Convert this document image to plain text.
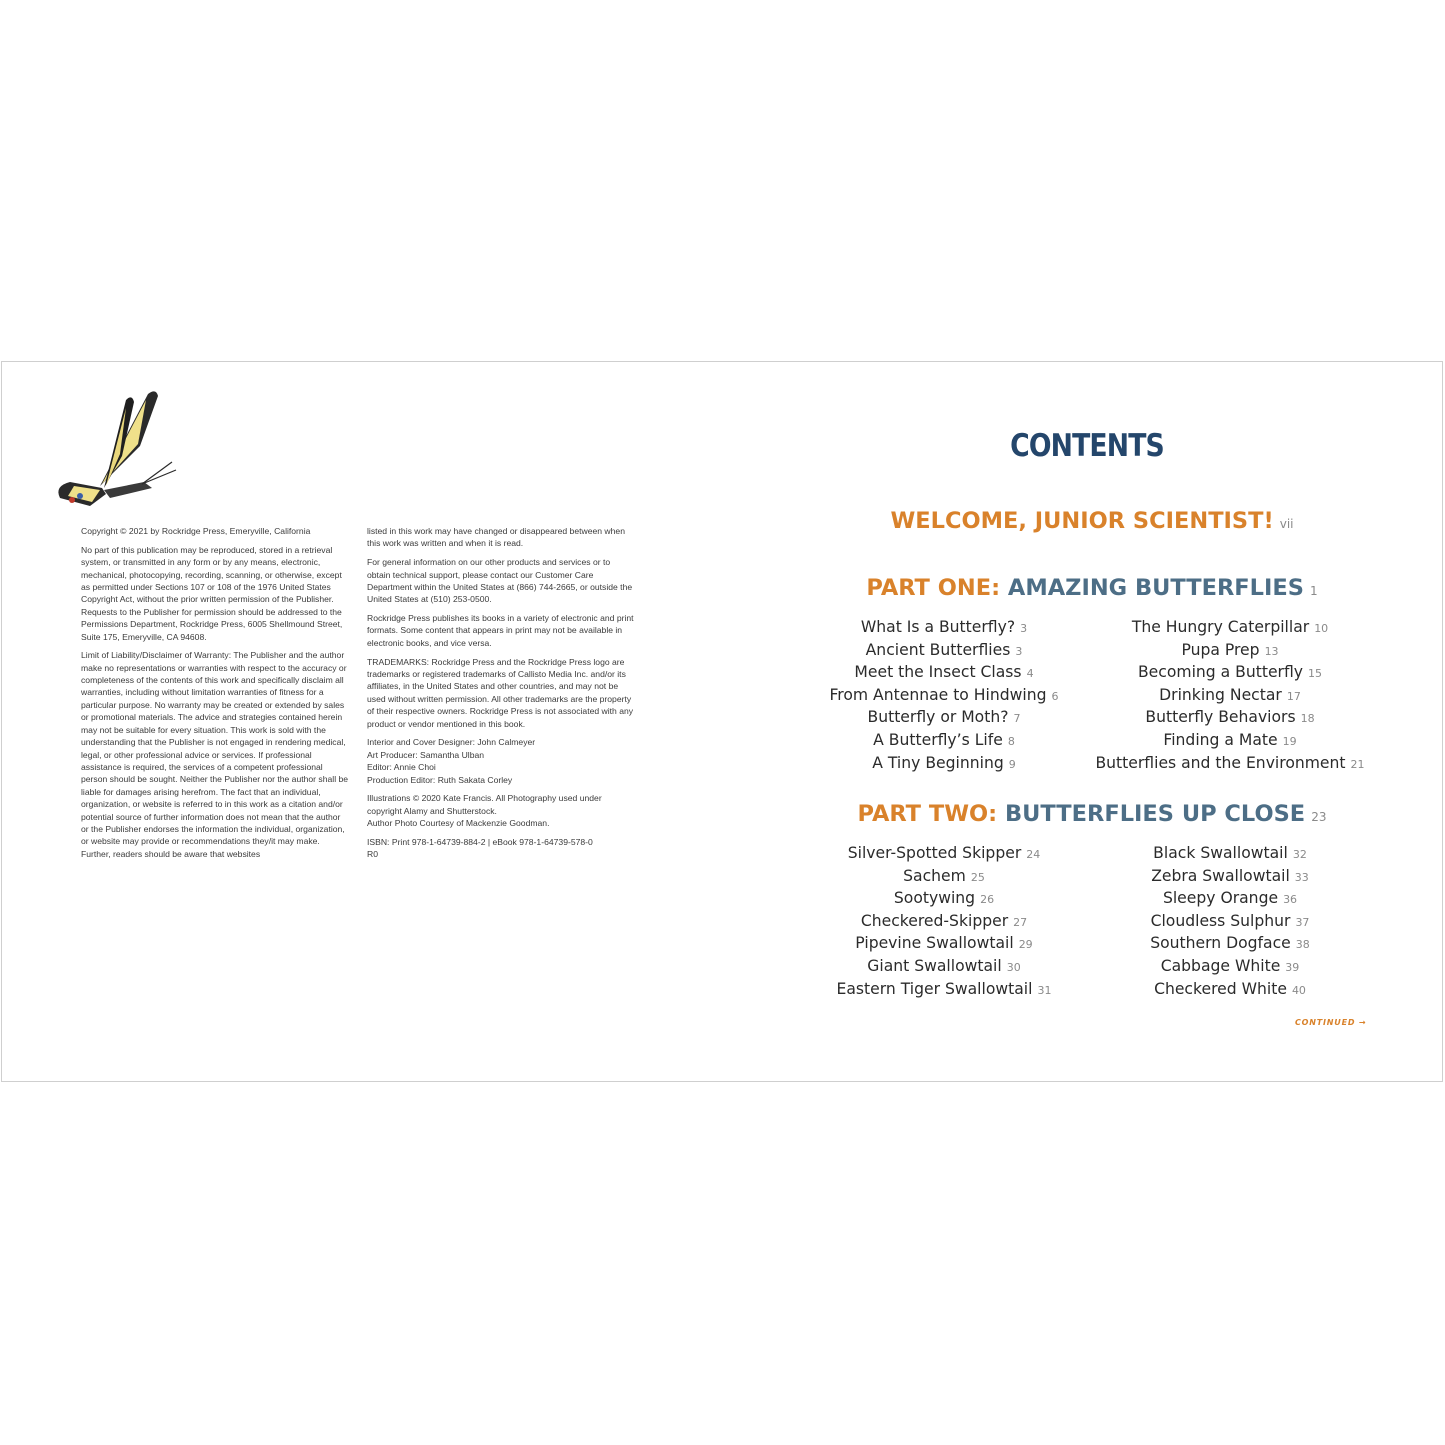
Copyright © 2021 by Rockridge Press, Emeryville, California

No part of this publication may be reproduced, stored in a retrieval system, or transmitted in any form or by any means, electronic, mechanical, photocopying, recording, scanning, or otherwise, except as permitted under Sections 107 or 108 of the 1976 United States Copyright Act, without the prior written permission of the Publisher. Requests to the Publisher for permission should be addressed to the Permissions Department, Rockridge Press, 6005 Shellmound Street, Suite 175, Emeryville, CA 94608.

Limit of Liability/Disclaimer of Warranty: The Publisher and the author make no representations or warranties with respect to the accuracy or completeness of the contents of this work and specifically disclaim all warranties, including without limitation warranties of fitness for a particular purpose. No warranty may be created or extended by sales or promotional materials. The advice and strategies contained herein may not be suitable for every situation. This work is sold with the understanding that the Publisher is not engaged in rendering medical, legal, or other professional advice or services. If professional assistance is required, the services of a competent professional person should be sought. Neither the Publisher nor the author shall be liable for damages arising herefrom. The fact that an individual, organization, or website is referred to in this work as a citation and/or potential source of further information does not mean that the author or the Publisher endorses the information the individual, organization, or website may provide or recommendations they/it may make. Further, readers should be aware that websites

listed in this work may have changed or disappeared between when this work was written and when it is read.

For general information on our other products and services or to obtain technical support, please contact our Customer Care Department within the United States at (866) 744-2665, or outside the United States at (510) 253-0500.

Rockridge Press publishes its books in a variety of electronic and print formats. Some content that appears in print may not be available in electronic books, and vice versa.

TRADEMARKS: Rockridge Press and the Rockridge Press logo are trademarks or registered trademarks of Callisto Media Inc. and/or its affiliates, in the United States and other countries, and may not be used without written permission. All other trademarks are the property of their respective owners. Rockridge Press is not associated with any product or vendor mentioned in this book.

Interior and Cover Designer: John Calmeyer
Art Producer: Samantha Ulban
Editor: Annie Choi
Production Editor: Ruth Sakata Corley

Illustrations © 2020 Kate Francis. All Photography used under copyright Alamy and Shutterstock.
Author Photo Courtesy of Mackenzie Goodman.

ISBN: Print 978-1-64739-884-2 | eBook 978-1-64739-578-0
R0

CONTENTS
WELCOME, JUNIOR SCIENTIST! vii
PART ONE: AMAZING BUTTERFLIES 1
What Is a Butterfly? 3
Ancient Butterflies 3
Meet the Insect Class 4
From Antennae to Hindwing 6
Butterfly or Moth? 7
A Butterfly’s Life 8
A Tiny Beginning 9
The Hungry Caterpillar 10
Pupa Prep 13
Becoming a Butterfly 15
Drinking Nectar 17
Butterfly Behaviors 18
Finding a Mate 19
Butterflies and the Environment 21
PART TWO: BUTTERFLIES UP CLOSE 23
Silver-Spotted Skipper 24
Sachem 25
Sootywing 26
Checkered-Skipper 27
Pipevine Swallowtail 29
Giant Swallowtail 30
Eastern Tiger Swallowtail 31
Black Swallowtail 32
Zebra Swallowtail 33
Sleepy Orange 36
Cloudless Sulphur 37
Southern Dogface 38
Cabbage White 39
Checkered White 40
CONTINUED →
